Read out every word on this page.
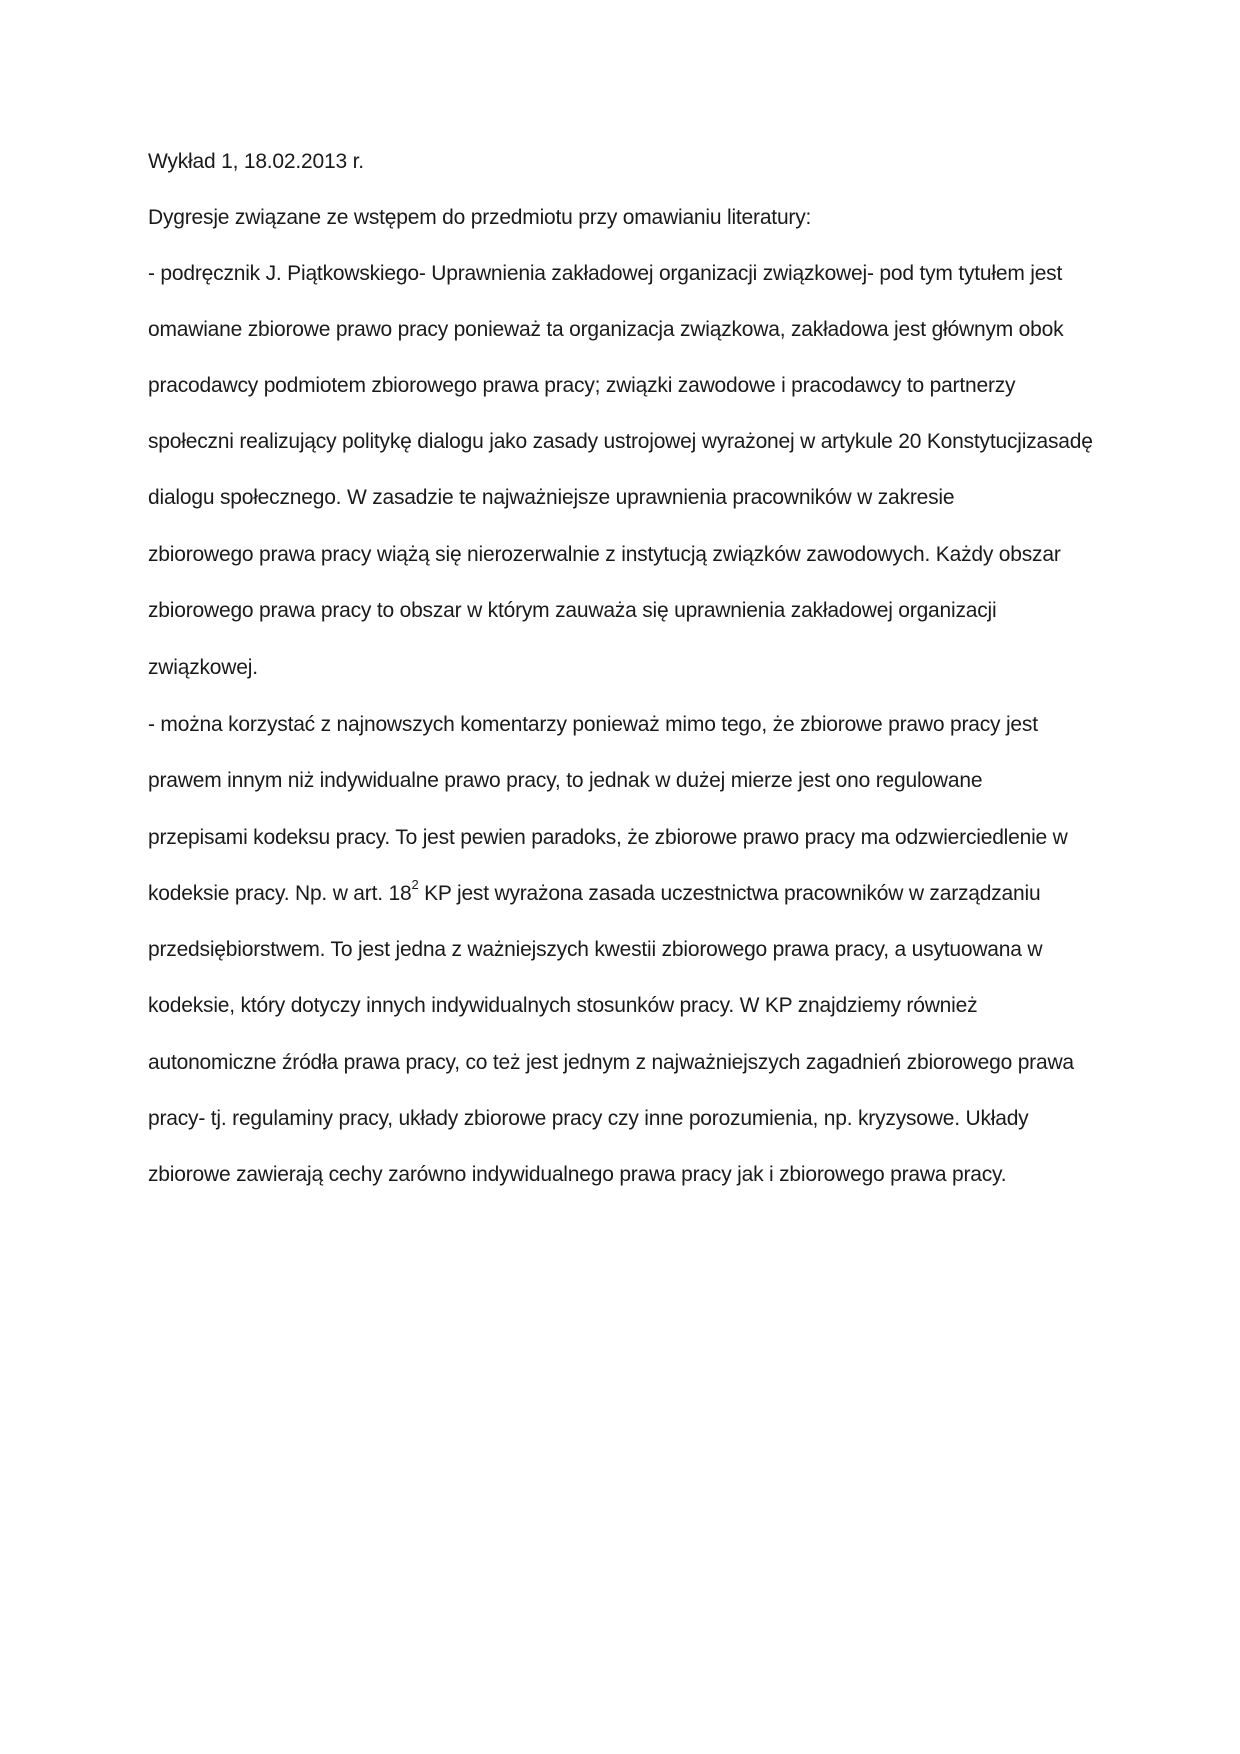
Wykład 1, 18.02.2013 r.

Dygresje związane ze wstępem do przedmiotu przy omawianiu literatury:

- podręcznik J. Piątkowskiego- Uprawnienia zakładowej organizacji związkowej- pod tym tytułem jest

omawiane zbiorowe prawo pracy ponieważ ta organizacja związkowa, zakładowa jest głównym obok

pracodawcy podmiotem zbiorowego prawa pracy; związki zawodowe i pracodawcy to partnerzy

społeczni realizujący politykę dialogu jako zasady ustrojowej wyrażonej w artykule 20 Konstytucjizasadę

dialogu społecznego. W zasadzie te najważniejsze uprawnienia pracowników w zakresie

zbiorowego prawa pracy wiążą się nierozerwalnie z instytucją związków zawodowych. Każdy obszar

zbiorowego prawa pracy to obszar w którym zauważa się uprawnienia zakładowej organizacji

związkowej.

- można korzystać z najnowszych komentarzy ponieważ mimo tego, że zbiorowe prawo pracy jest

prawem innym niż indywidualne prawo pracy, to jednak w dużej mierze jest ono regulowane

przepisami kodeksu pracy. To jest pewien paradoks, że zbiorowe prawo pracy ma odzwierciedlenie w

kodeksie pracy. Np. w art. $18^2$ KP jest wyrażona zasada uczestnictwa pracowników w zarządzaniu

przedsiębiorstwem. To jest jedna z ważniejszych kwestii zbiorowego prawa pracy, a usytuowana w

kodeksie, który dotyczy innych indywidualnych stosunków pracy. W KP znajdziemy również

autonomiczne źródła prawa pracy, co też jest jednym z najważniejszych zagadnień zbiorowego prawa

pracy- tj. regulaminy pracy, układy zbiorowe pracy czy inne porozumienia, np. kryzysowe. Układy

zbiorowe zawierają cechy zarówno indywidualnego prawa pracy jak i zbiorowego prawa pracy.
